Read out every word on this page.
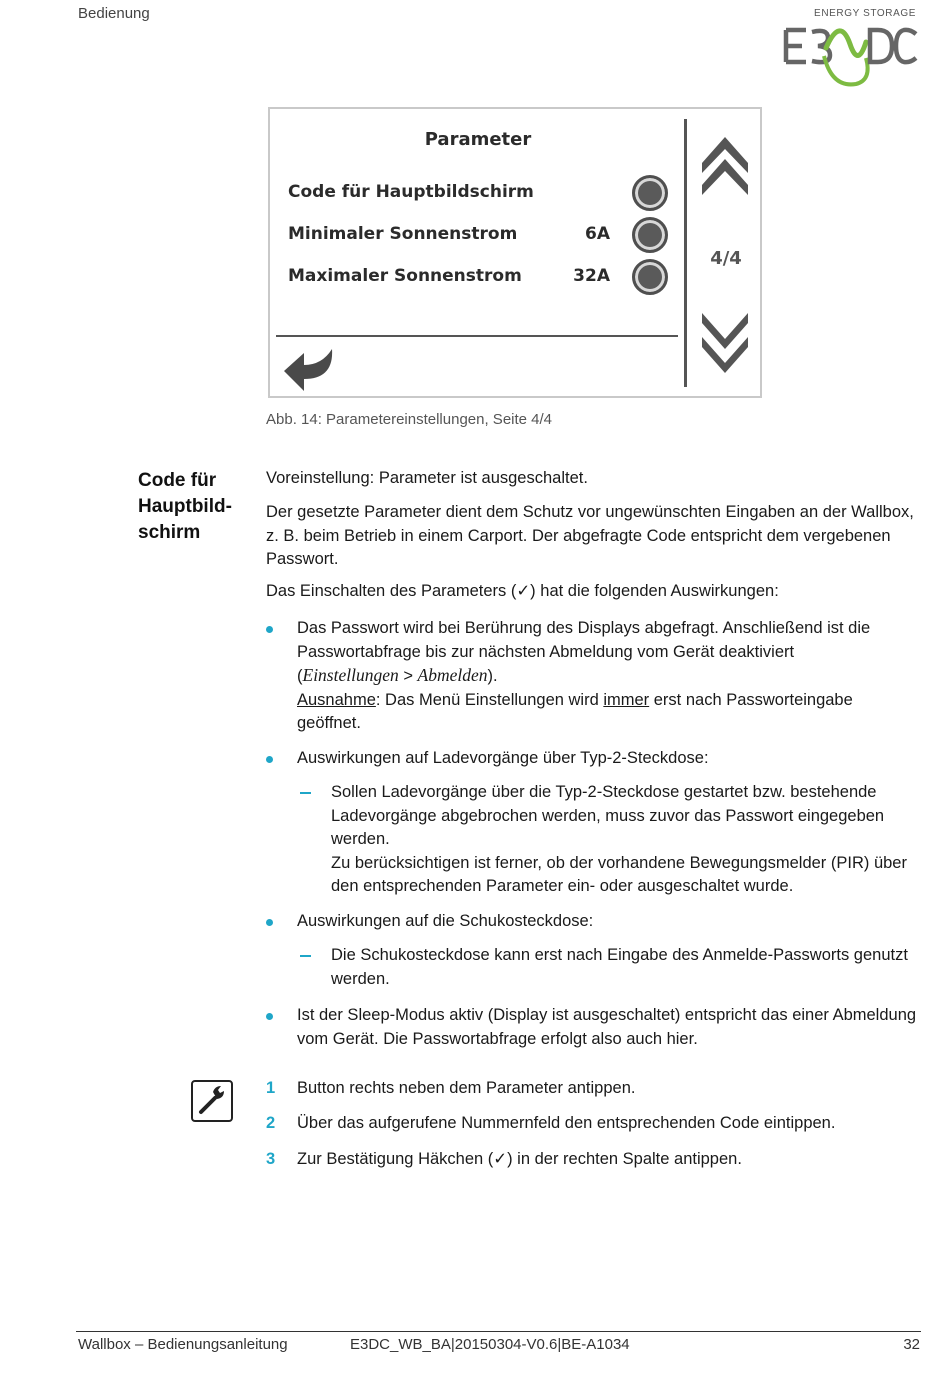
Bedienung	ENERGY STORAGE
Parameter
Code für Hauptbildschirm
Minimaler Sonnenstrom	6A
Maximaler Sonnenstrom	32A
4/4
Abb. 14: Parametereinstellungen, Seite 4/4
Code für
Hauptbild-
schirm
Voreinstellung: Parameter ist ausgeschaltet.
Der gesetzte Parameter dient dem Schutz vor ungewünschten Eingaben an der Wallbox, z. B. beim Betrieb in einem Carport. Der abgefragte Code entspricht dem vergebenen Passwort.
Das Einschalten des Parameters (✓) hat die folgenden Auswirkungen:
Das Passwort wird bei Berührung des Displays abgefragt. Anschließend ist die Passwortabfrage bis zur nächsten Abmeldung vom Gerät deaktiviert
(Einstellungen > Abmelden).
Ausnahme: Das Menü Einstellungen wird immer erst nach Passworteingabe geöffnet.
Auswirkungen auf Ladevorgänge über Typ-2-Steckdose:
Sollen Ladevorgänge über die Typ-2-Steckdose gestartet bzw. bestehende Ladevorgänge abgebrochen werden, muss zuvor das Passwort eingegeben werden.
Zu berücksichtigen ist ferner, ob der vorhandene Bewegungsmelder (PIR) über den entsprechenden Parameter ein- oder ausgeschaltet wurde.
Auswirkungen auf die Schukosteckdose:
Die Schukosteckdose kann erst nach Eingabe des Anmelde-Passworts genutzt werden.
Ist der Sleep-Modus aktiv (Display ist ausgeschaltet) entspricht das einer Abmeldung vom Gerät. Die Passwortabfrage erfolgt also auch hier.
1 Button rechts neben dem Parameter antippen.
2 Über das aufgerufene Nummernfeld den entsprechenden Code eintippen.
3 Zur Bestätigung Häkchen (✓) in der rechten Spalte antippen.
Wallbox – Bedienungsanleitung	E3DC_WB_BA|20150304-V0.6|BE-A1034	32
